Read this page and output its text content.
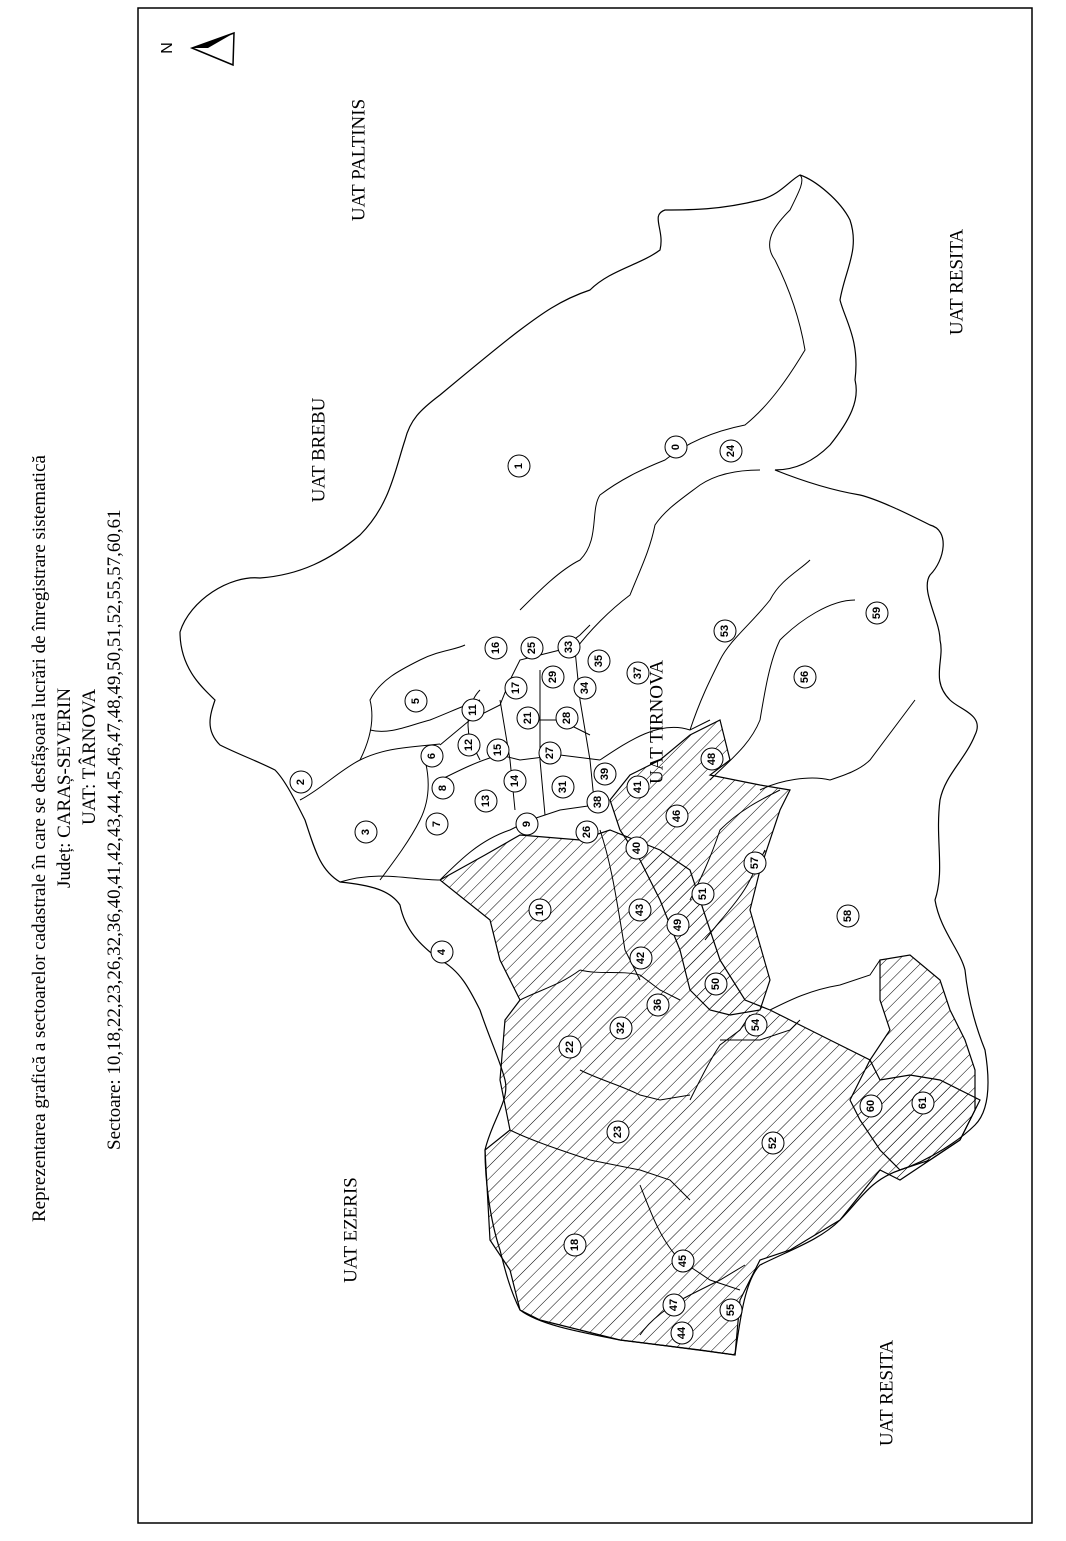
Reprezentarea grafică a sectoarelor cadastrale în care se desfășoară lucrări de înregistrare sistematică Județ: CARAȘ-SEVERIN UAT: TÂRNOVA Sectoare: 10,18,22,23,26,32,36,40,41,42,43,44,45,46,47,48,49,50,51,52,55,57,60,61
N
0
1
2
3
4
5
6
7
8
9
10
11
12
13
14
15
16
17
18
21
22
23
24
25
26
27
28
29
31
32
33
34
35
36
37
38
39
40
41
42
43
44
45
46
47
48
49
50
51
52
53
54
55
56
57
58
59
60	61
UAT PALTINIS
UAT BREBU
UAT RESITA
UAT TIRNOVA
UAT EZERIS
UAT RESITA
